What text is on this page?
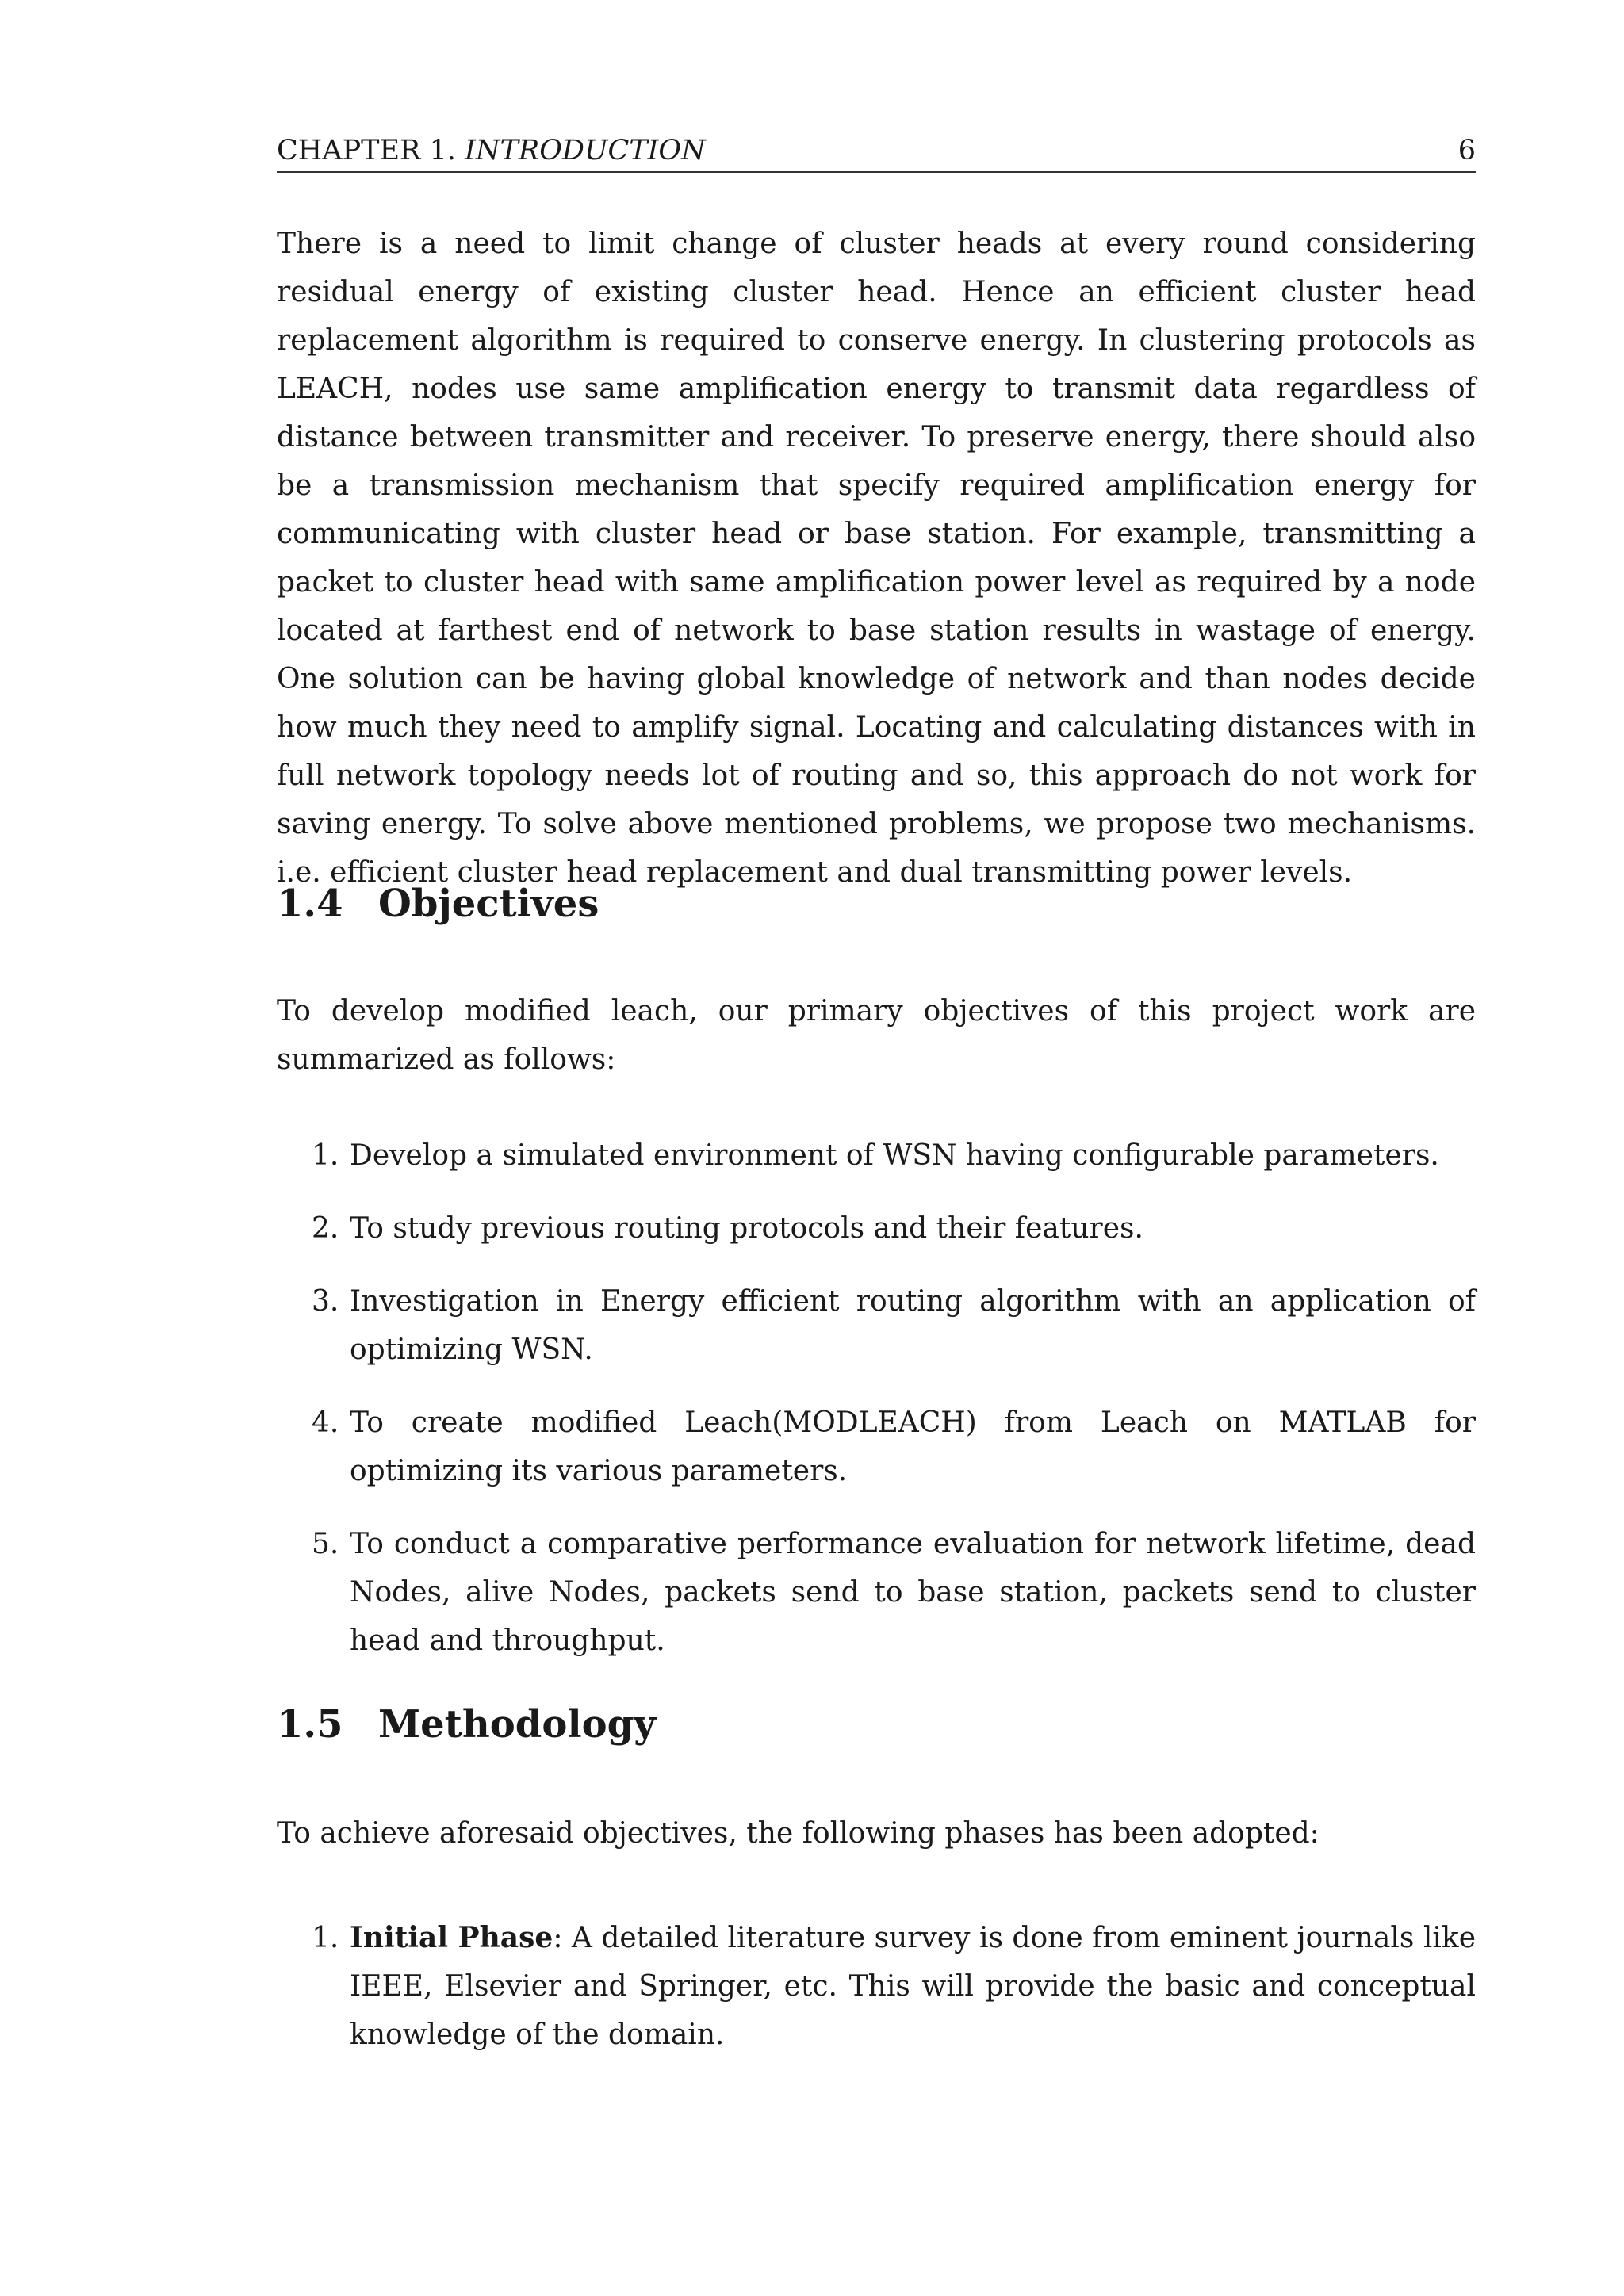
CHAPTER 1. INTRODUCTION	6

There is a need to limit change of cluster heads at every round considering residual energy of existing cluster head. Hence an efficient cluster head replacement algorithm is required to conserve energy. In clustering protocols as LEACH, nodes use same amplification energy to transmit data regardless of distance between transmitter and receiver. To preserve energy, there should also be a transmission mechanism that specify required amplification energy for communicating with cluster head or base station. For example, transmitting a packet to cluster head with same amplification power level as required by a node located at farthest end of network to base station results in wastage of energy. One solution can be having global knowledge of network and than nodes decide how much they need to amplify signal. Locating and calculating distances with in full network topology needs lot of routing and so, this approach do not work for saving energy. To solve above mentioned problems, we propose two mechanisms. i.e. efficient cluster head replacement and dual transmitting power levels.

1.4 Objectives

To develop modified leach, our primary objectives of this project work are summarized as follows:

1. Develop a simulated environment of WSN having configurable parameters.
2. To study previous routing protocols and their features.
3. Investigation in Energy efficient routing algorithm with an application of optimizing WSN.
4. To create modified Leach(MODLEACH) from Leach on MATLAB for optimizing its various parameters.
5. To conduct a comparative performance evaluation for network lifetime, dead Nodes, alive Nodes, packets send to base station, packets send to cluster head and throughput.
1.5 Methodology

To achieve aforesaid objectives, the following phases has been adopted:

1. Initial Phase: A detailed literature survey is done from eminent journals like IEEE, Elsevier and Springer, etc. This will provide the basic and conceptual knowledge of the domain.
